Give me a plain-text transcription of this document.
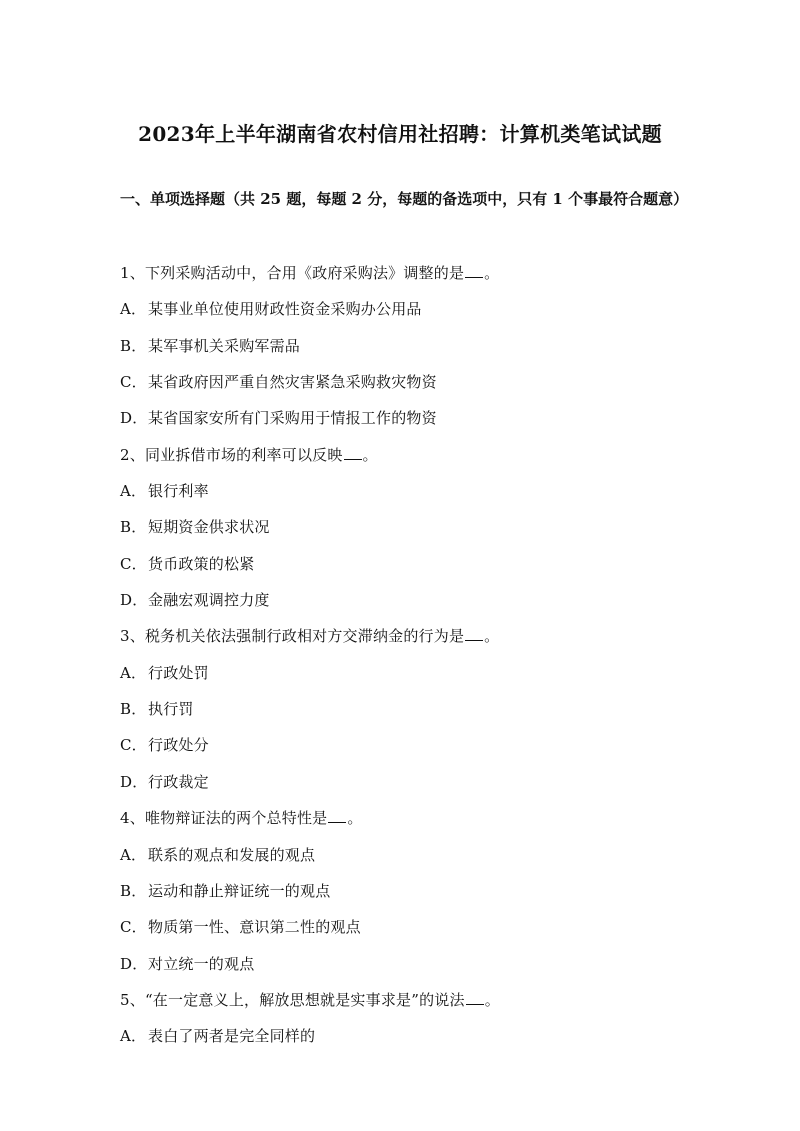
2023年上半年湖南省农村信用社招聘：计算机类笔试试题
一、单项选择题（共 25 题，每题 2 分，每题的备选项中，只有 1 个事最符合题意）
1、下列采购活动中，合用《政府采购法》调整的是 。
A． 某事业单位使用财政性资金采购办公用品
B． 某军事机关采购军需品
C．某省政府因严重自然灾害紧急采购救灾物资
D．某省国家安所有门采购用于情报工作的物资
2、同业拆借市场的利率可以反映 。
A． 银行利率
B． 短期资金供求状况
C．货币政策的松紧
D．金融宏观调控力度
3、税务机关依法强制行政相对方交滞纳金的行为是 。
A． 行政处罚
B． 执行罚
C．行政处分
D．行政裁定
4、唯物辩证法的两个总特性是 。
A． 联系的观点和发展的观点
B． 运动和静止辩证统一的观点
C．物质第一性、意识第二性的观点
D．对立统一的观点
5、“在一定意义上，解放思想就是实事求是”的说法 。
A． 表白了两者是完全同样的
